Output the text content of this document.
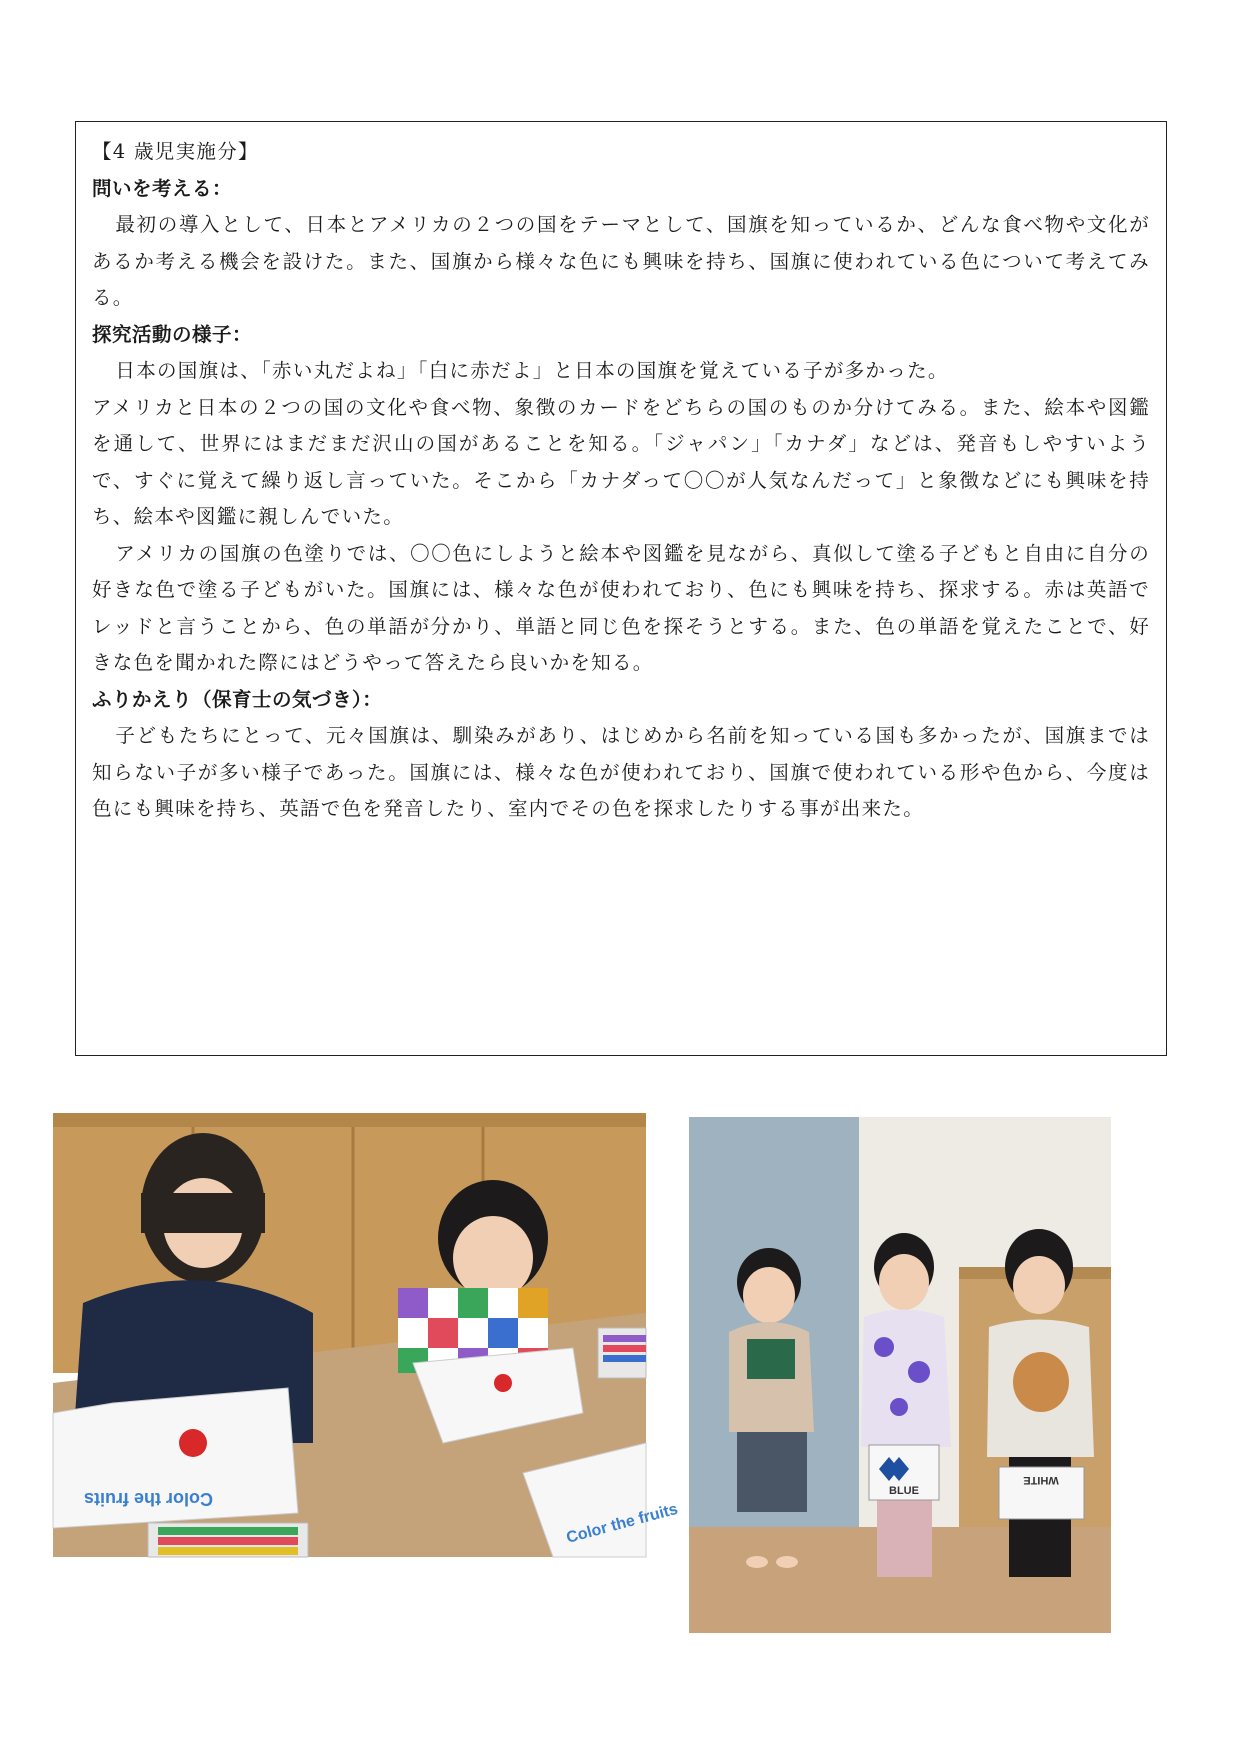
【4 歳児実施分】

問いを考える：

最初の導入として、日本とアメリカの２つの国をテーマとして、国旗を知っているか、どんな食べ物や文化があるか考える機会を設けた。また、国旗から様々な色にも興味を持ち、国旗に使われている色について考えてみる。

探究活動の様子：

日本の国旗は、「赤い丸だよね」「白に赤だよ」と日本の国旗を覚えている子が多かった。

アメリカと日本の２つの国の文化や食べ物、象徴のカードをどちらの国のものか分けてみる。また、絵本や図鑑を通して、世界にはまだまだ沢山の国があることを知る。「ジャパン」「カナダ」などは、発音もしやすいようで、すぐに覚えて繰り返し言っていた。そこから「カナダって〇〇が人気なんだって」と象徴などにも興味を持ち、絵本や図鑑に親しんでいた。

アメリカの国旗の色塗りでは、〇〇色にしようと絵本や図鑑を見ながら、真似して塗る子どもと自由に自分の好きな色で塗る子どもがいた。国旗には、様々な色が使われており、色にも興味を持ち、探求する。赤は英語でレッドと言うことから、色の単語が分かり、単語と同じ色を探そうとする。また、色の単語を覚えたことで、好きな色を聞かれた際にはどうやって答えたら良いかを知る。

ふりかえり（保育士の気づき）：

子どもたちにとって、元々国旗は、馴染みがあり、はじめから名前を知っている国も多かったが、国旗までは知らない子が多い様子であった。国旗には、様々な色が使われており、国旗で使われている形や色から、今度は色にも興味を持ち、英語で色を発音したり、室内でその色を探求したりする事が出来た。

Color the fruits
Color the fruits
BLUE
WHITE
